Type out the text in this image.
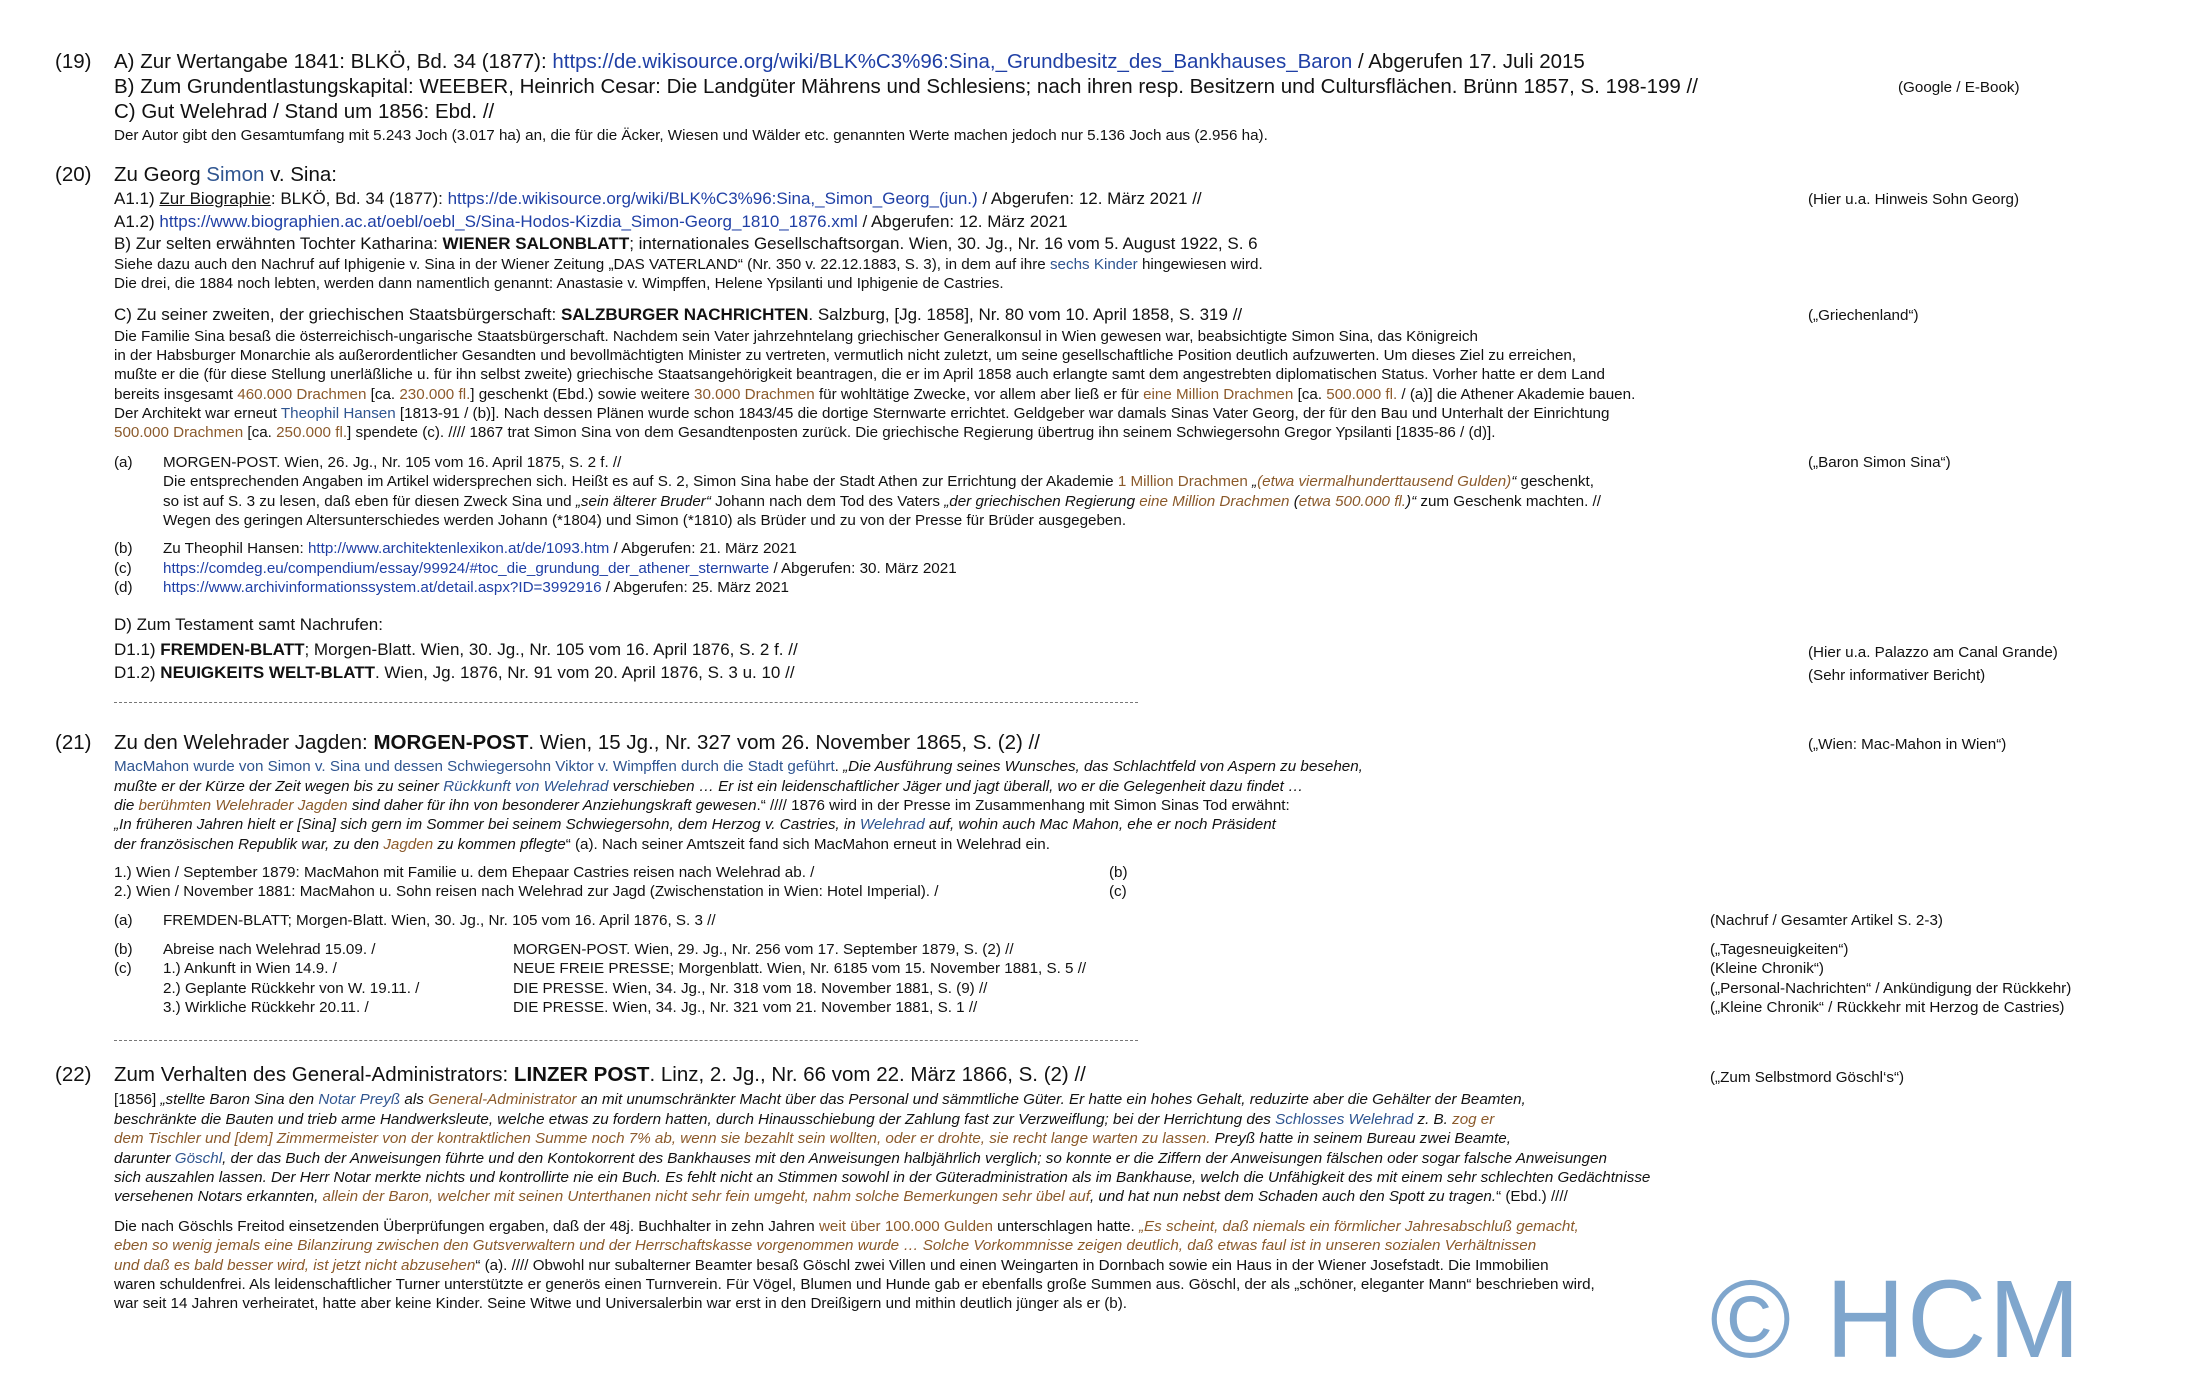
(19) A) Zur Wertangabe 1841: BLKÖ, Bd. 34 (1877): https://de.wikisource.org/wiki/BLK%C3%96:Sina,_Grundbesitz_des_Bankhauses_Baron / Abgerufen 17. Juli 2015
B) Zum Grundentlastungskapital: WEEBER, Heinrich Cesar: Die Landgüter Mährens und Schlesiens; nach ihren resp. Besitzern und Cultursflächen. Brünn 1857, S. 198-199 //	(Google / E-Book)
C) Gut Welehrad / Stand um 1856: Ebd. //
Der Autor gibt den Gesamtumfang mit 5.243 Joch (3.017 ha) an, die für die Äcker, Wiesen und Wälder etc. genannten Werte machen jedoch nur 5.136 Joch aus (2.956 ha).
(20) Zu Georg Simon v. Sina:
A1.1) Zur Biographie: BLKÖ, Bd. 34 (1877): https://de.wikisource.org/wiki/BLK%C3%96:Sina,_Simon_Georg_(jun.) / Abgerufen: 12. März 2021 //	(Hier u.a. Hinweis Sohn Georg)
A1.2) https://www.biographien.ac.at/oebl/oebl_S/Sina-Hodos-Kizdia_Simon-Georg_1810_1876.xml / Abgerufen: 12. März 2021
B) Zur selten erwähnten Tochter Katharina: WIENER SALONBLATT; internationales Gesellschaftsorgan. Wien, 30. Jg., Nr. 16 vom 5. August 1922, S. 6
Siehe dazu auch den Nachruf auf Iphigenie v. Sina in der Wiener Zeitung „DAS VATERLAND“ (Nr. 350 v. 22.12.1883, S. 3), in dem auf ihre sechs Kinder hingewiesen wird.
Die drei, die 1884 noch lebten, werden dann namentlich genannt: Anastasie v. Wimpffen, Helene Ypsilanti und Iphigenie de Castries.
C) Zu seiner zweiten, der griechischen Staatsbürgerschaft: SALZBURGER NACHRICHTEN. Salzburg, [Jg. 1858], Nr. 80 vom 10. April 1858, S. 319 //	(„Griechenland“)
Die Familie Sina besaß die österreichisch-ungarische Staatsbürgerschaft. Nachdem sein Vater jahrzehntelang griechischer Generalkonsul in Wien gewesen war, beabsichtigte Simon Sina, das Königreich
in der Habsburger Monarchie als außerordentlicher Gesandten und bevollmächtigten Minister zu vertreten, vermutlich nicht zuletzt, um seine gesellschaftliche Position deutlich aufzuwerten. Um dieses Ziel zu erreichen,
mußte er die (für diese Stellung unerläßliche u. für ihn selbst zweite) griechische Staatsangehörigkeit beantragen, die er im April 1858 auch erlangte samt dem angestrebten diplomatischen Status. Vorher hatte er dem Land
bereits insgesamt 460.000 Drachmen [ca. 230.000 fl.] geschenkt (Ebd.) sowie weitere 30.000 Drachmen für wohltätige Zwecke, vor allem aber ließ er für eine Million Drachmen [ca. 500.000 fl. / (a)] die Athener Akademie bauen.
Der Architekt war erneut Theophil Hansen [1813-91 / (b)]. Nach dessen Plänen wurde schon 1843/45 die dortige Sternwarte errichtet. Geldgeber war damals Sinas Vater Georg, der für den Bau und Unterhalt der Einrichtung
500.000 Drachmen [ca. 250.000 fl.] spendete (c). //// 1867 trat Simon Sina von dem Gesandtenposten zurück. Die griechische Regierung übertrug ihn seinem Schwiegersohn Gregor Ypsilanti [1835-86 / (d)].
(a) MORGEN-POST. Wien, 26. Jg., Nr. 105 vom 16. April 1875, S. 2 f. //	(„Baron Simon Sina“)
Die entsprechenden Angaben im Artikel widersprechen sich. Heißt es auf S. 2, Simon Sina habe der Stadt Athen zur Errichtung der Akademie 1 Million Drachmen „(etwa viermalhunderttausend Gulden)“ geschenkt,
so ist auf S. 3 zu lesen, daß eben für diesen Zweck Sina und „sein älterer Bruder“ Johann nach dem Tod des Vaters „der griechischen Regierung eine Million Drachmen (etwa 500.000 fl.)“ zum Geschenk machten. //
Wegen des geringen Altersunterschiedes werden Johann (*1804) und Simon (*1810) als Brüder und zu von der Presse für Brüder ausgegeben.
(b) Zu Theophil Hansen: http://www.architektenlexikon.at/de/1093.htm / Abgerufen: 21. März 2021
(c) https://comdeg.eu/compendium/essay/99924/#toc_die_grundung_der_athener_sternwarte / Abgerufen: 30. März 2021
(d) https://www.archivinformationssystem.at/detail.aspx?ID=3992916 / Abgerufen: 25. März 2021
D) Zum Testament samt Nachrufen:
D1.1) FREMDEN-BLATT; Morgen-Blatt. Wien, 30. Jg., Nr. 105 vom 16. April 1876, S. 2 f. //	(Hier u.a. Palazzo am Canal Grande)
D1.2) NEUIGKEITS WELT-BLATT. Wien, Jg. 1876, Nr. 91 vom 20. April 1876, S. 3 u. 10 //	(Sehr informativer Bericht)
(21) Zu den Welehrader Jagden: MORGEN-POST. Wien, 15 Jg., Nr. 327 vom 26. November 1865, S. (2) //	(„Wien: Mac-Mahon in Wien“)
MacMahon wurde von Simon v. Sina und dessen Schwiegersohn Viktor v. Wimpffen durch die Stadt geführt. „Die Ausführung seines Wunsches, das Schlachtfeld von Aspern zu besehen,
mußte er der Kürze der Zeit wegen bis zu seiner Rückkunft von Welehrad verschieben … Er ist ein leidenschaftlicher Jäger und jagt überall, wo er die Gelegenheit dazu findet …
die berühmten Welehrader Jagden sind daher für ihn von besonderer Anziehungskraft gewesen.“ //// 1876 wird in der Presse im Zusammenhang mit Simon Sinas Tod erwähnt:
„In früheren Jahren hielt er [Sina] sich gern im Sommer bei seinem Schwiegersohn, dem Herzog v. Castries, in Welehrad auf, wohin auch Mac Mahon, ehe er noch Präsident
der französischen Republik war, zu den Jagden zu kommen pflegte“ (a). Nach seiner Amtszeit fand sich MacMahon erneut in Welehrad ein.
1.) Wien / September 1879: MacMahon mit Familie u. dem Ehepaar Castries reisen nach Welehrad ab. /	(b)
2.) Wien / November 1881: MacMahon u. Sohn reisen nach Welehrad zur Jagd (Zwischenstation in Wien: Hotel Imperial). /	(c)
(a) FREMDEN-BLATT; Morgen-Blatt. Wien, 30. Jg., Nr. 105 vom 16. April 1876, S. 3 //	(Nachruf / Gesamter Artikel S. 2-3)
(b) Abreise nach Welehrad 15.09. /	MORGEN-POST. Wien, 29. Jg., Nr. 256 vom 17. September 1879, S. (2) //	(„Tagesneuigkeiten“)
(c) 1.) Ankunft in Wien 14.9. /	NEUE FREIE PRESSE; Morgenblatt. Wien, Nr. 6185 vom 15. November 1881, S. 5 //	(Kleine Chronik“)
2.) Geplante Rückkehr von W. 19.11. /	DIE PRESSE. Wien, 34. Jg., Nr. 318 vom 18. November 1881, S. (9) //	(„Personal-Nachrichten“ / Ankündigung der Rückkehr)
3.) Wirkliche Rückkehr 20.11. /	DIE PRESSE. Wien, 34. Jg., Nr. 321 vom 21. November 1881, S. 1 //	(„Kleine Chronik“ / Rückkehr mit Herzog de Castries)
(22) Zum Verhalten des General-Administrators: LINZER POST. Linz, 2. Jg., Nr. 66 vom 22. März 1866, S. (2) //	(„Zum Selbstmord Göschl‘s“)
[1856] „stellte Baron Sina den Notar Preyß als General-Administrator an mit unumschränkter Macht über das Personal und sämmtliche Güter. Er hatte ein hohes Gehalt, reduzirte aber die Gehälter der Beamten,
beschränkte die Bauten und trieb arme Handwerksleute, welche etwas zu fordern hatten, durch Hinausschiebung der Zahlung fast zur Verzweiflung; bei der Herrichtung des Schlosses Welehrad z. B. zog er
dem Tischler und [dem] Zimmermeister von der kontraktlichen Summe noch 7% ab, wenn sie bezahlt sein wollten, oder er drohte, sie recht lange warten zu lassen. Preyß hatte in seinem Bureau zwei Beamte,
darunter Göschl, der das Buch der Anweisungen führte und den Kontokorrent des Bankhauses mit den Anweisungen halbjährlich verglich; so konnte er die Ziffern der Anweisungen fälschen oder sogar falsche Anweisungen
sich auszahlen lassen. Der Herr Notar merkte nichts und kontrollirte nie ein Buch. Es fehlt nicht an Stimmen sowohl in der Güteradministration als im Bankhause, welch die Unfähigkeit des mit einem sehr schlechten Gedächtnisse
versehenen Notars erkannten, allein der Baron, welcher mit seinen Unterthanen nicht sehr fein umgeht, nahm solche Bemerkungen sehr übel auf, und hat nun nebst dem Schaden auch den Spott zu tragen.“ (Ebd.) ////
Die nach Göschls Freitod einsetzenden Überprüfungen ergaben, daß der 48j. Buchhalter in zehn Jahren weit über 100.000 Gulden unterschlagen hatte. „Es scheint, daß niemals ein förmlicher Jahresabschluß gemacht,
eben so wenig jemals eine Bilanzirung zwischen den Gutsverwaltern und der Herrschaftskasse vorgenommen wurde … Solche Vorkommnisse zeigen deutlich, daß etwas faul ist in unseren sozialen Verhältnissen
und daß es bald besser wird, ist jetzt nicht abzusehen“ (a). //// Obwohl nur subalterner Beamter besaß Göschl zwei Villen und einen Weingarten in Dornbach sowie ein Haus in der Wiener Josefstadt. Die Immobilien
waren schuldenfrei. Als leidenschaftlicher Turner unterstützte er generös einen Turnverein. Für Vögel, Blumen und Hunde gab er ebenfalls große Summen aus. Göschl, der als „schöner, eleganter Mann“ beschrieben wird,
war seit 14 Jahren verheiratet, hatte aber keine Kinder. Seine Witwe und Universalerbin war erst in den Dreißigern und mithin deutlich jünger als er (b).	© HCM
